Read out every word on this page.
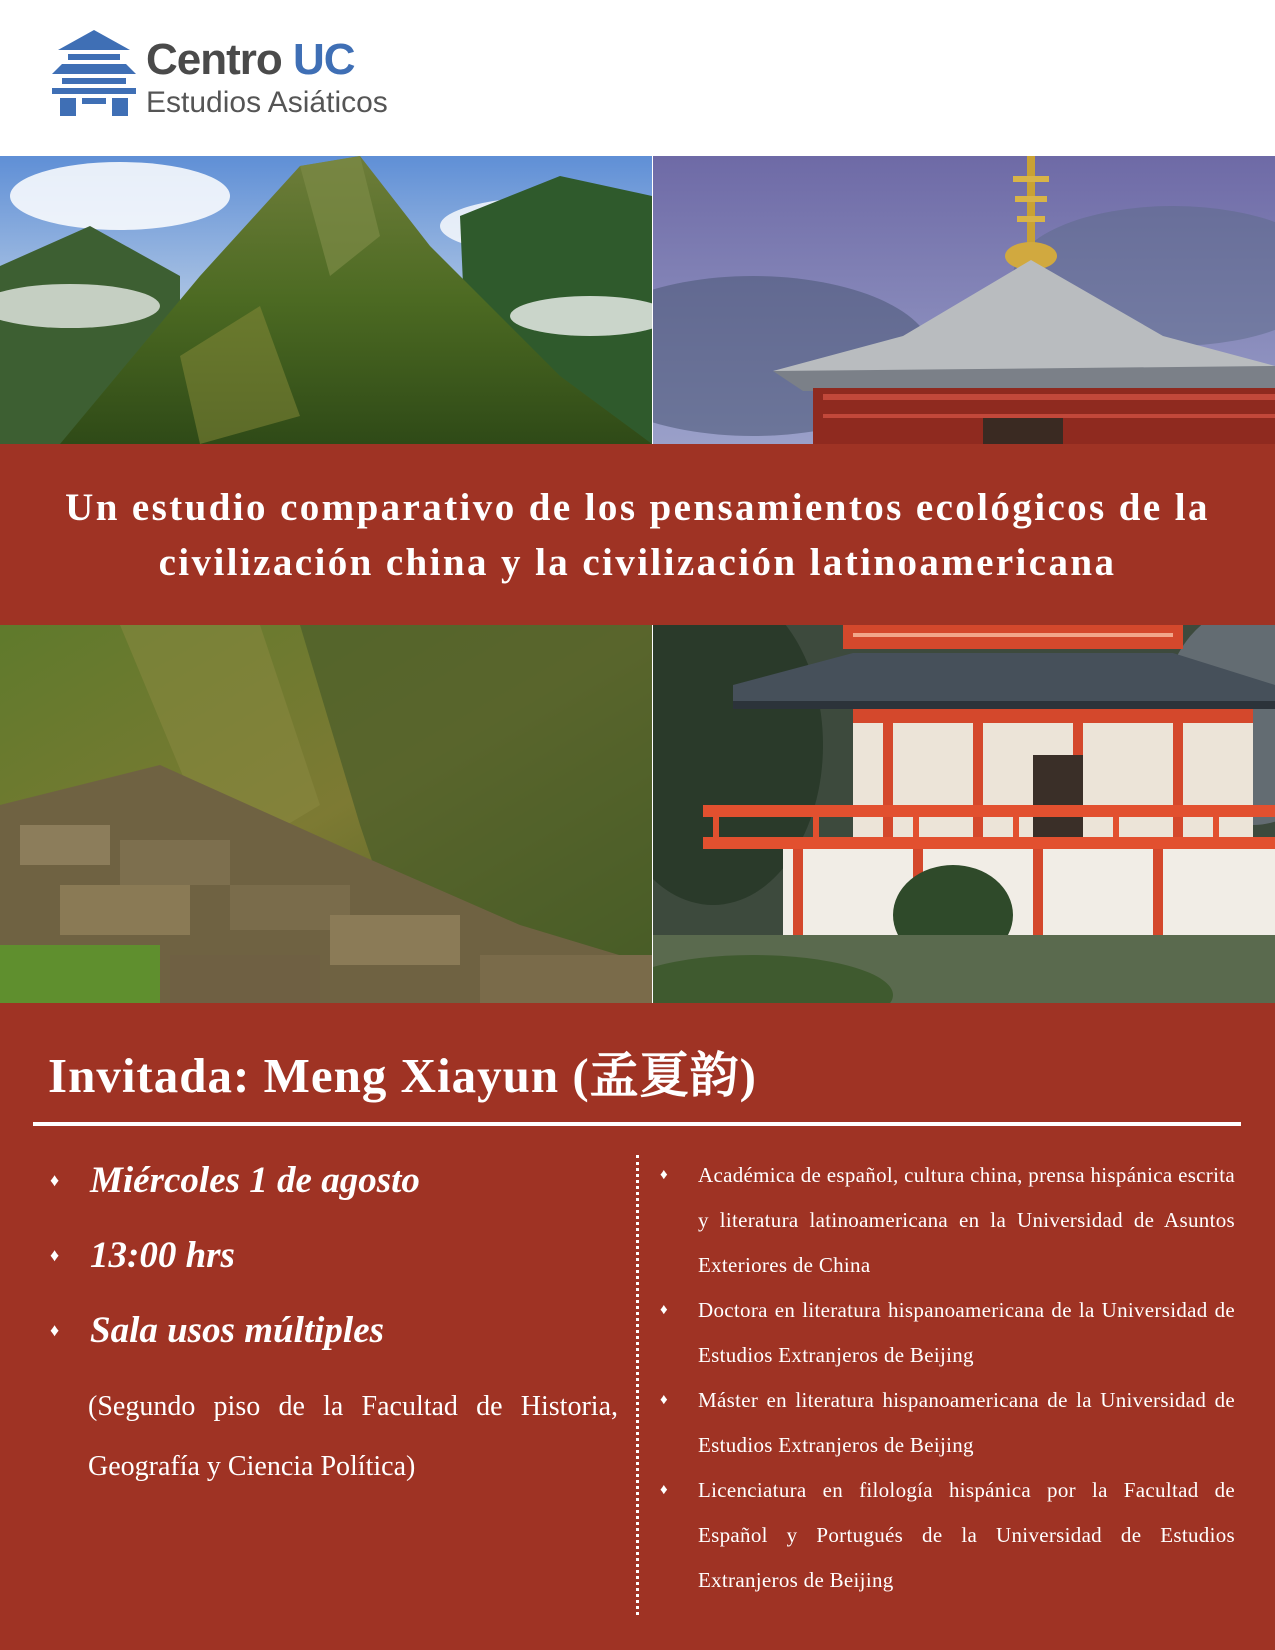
Centro UC
Estudios Asiáticos
Un estudio comparativo de los pensamientos ecológicos de la civilización china y la civilización latinoamericana
Invitada: Meng Xiayun (孟夏韵)
♦ Miércoles 1 de agosto
♦ 13:00 hrs
♦ Sala usos múltiples

(Segundo piso de la Facultad de Historia, Geografía y Ciencia Política)

♦ Académica de español, cultura china, prensa hispánica escrita y literatura latinoamericana en la Universidad de Asuntos Exteriores de China
♦ Doctora en literatura hispanoamericana de la Universidad de Estudios Extranjeros de Beijing
♦ Máster en literatura hispanoamericana de la Universidad de Estudios Extranjeros de Beijing
♦ Licenciatura en filología hispánica por la Facultad de Español y Portugués de la Universidad de Estudios Extranjeros de Beijing
